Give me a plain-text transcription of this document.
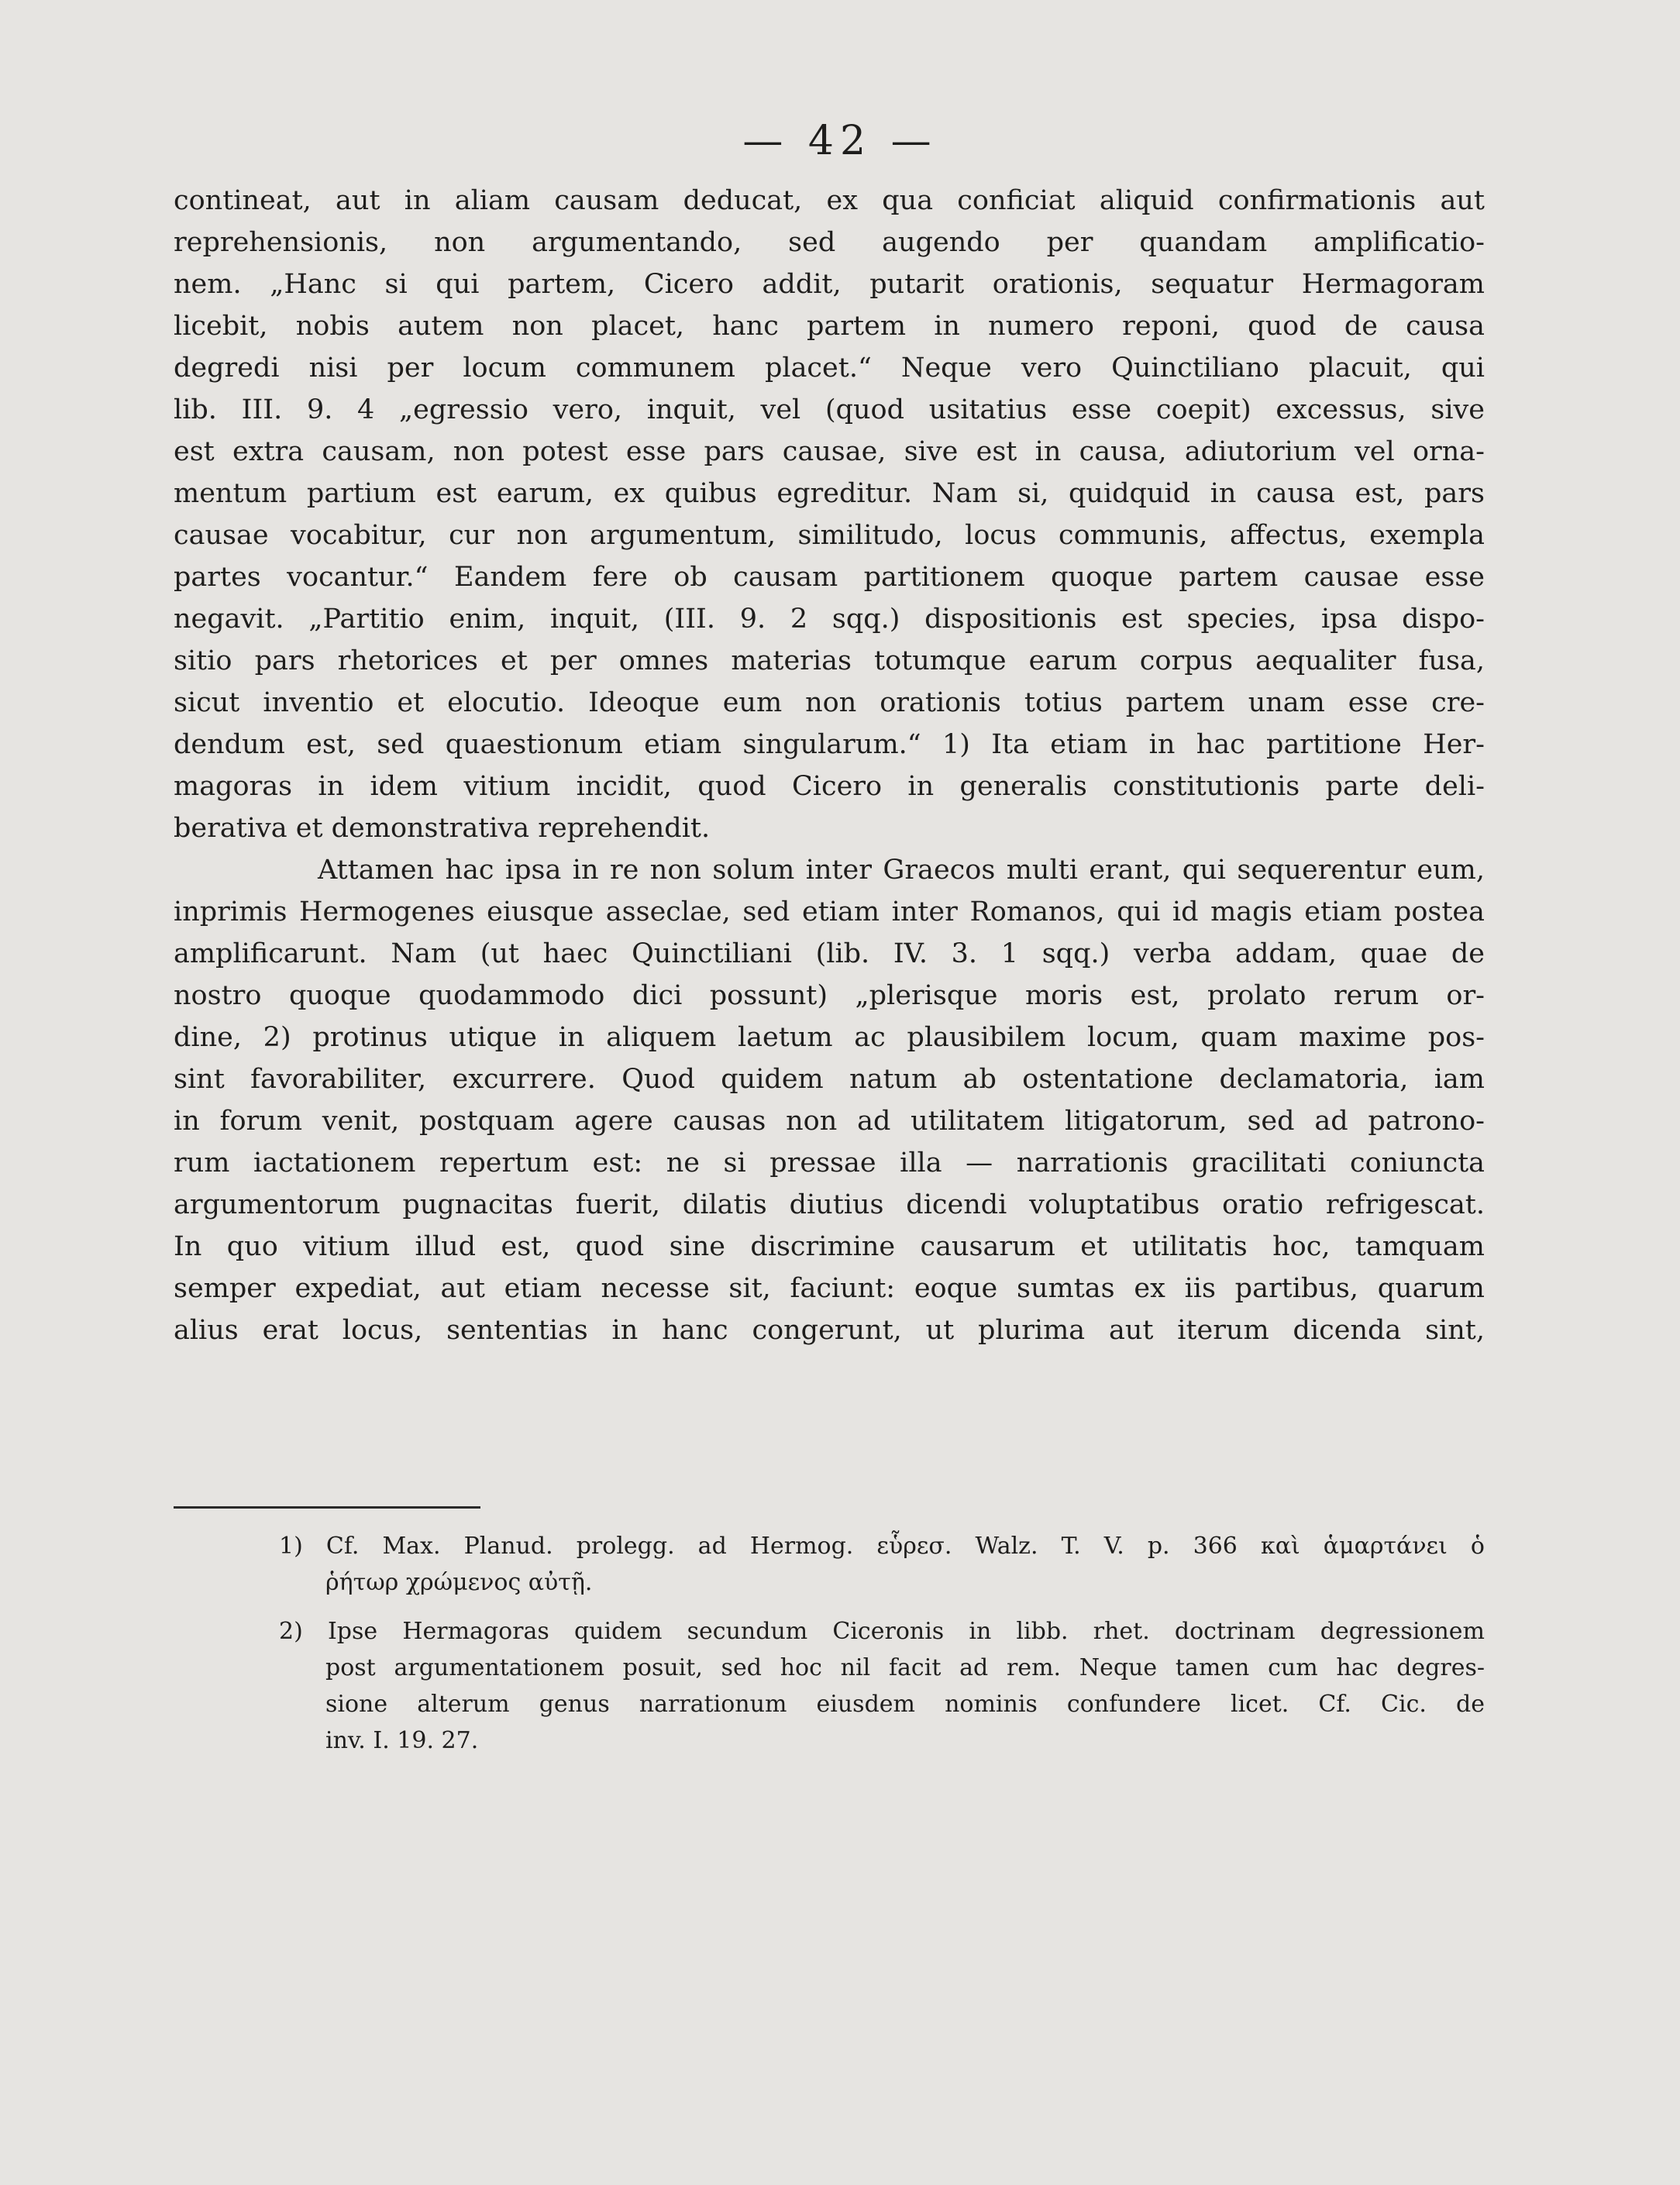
— 42 —
contineat, aut in aliam causam deducat, ex qua conficiat aliquid confirmationis aut
reprehensionis, non argumentando, sed augendo per quandam amplificatio-
nem. „Hanc si qui partem, Cicero addit, putarit orationis, sequatur Hermagoram
licebit, nobis autem non placet, hanc partem in numero reponi, quod de causa
degredi nisi per locum communem placet.“ Neque vero Quinctiliano placuit, qui
lib. III. 9. 4 „egressio vero, inquit, vel (quod usitatius esse coepit) excessus, sive
est extra causam, non potest esse pars causae, sive est in causa, adiutorium vel orna-
mentum partium est earum, ex quibus egreditur. Nam si, quidquid in causa est, pars
causae vocabitur, cur non argumentum, similitudo, locus communis, affectus, exempla
partes vocantur.“ Eandem fere ob causam partitionem quoque partem causae esse
negavit. „Partitio enim, inquit, (III. 9. 2 sqq.) dispositionis est species, ipsa dispo-
sitio pars rhetorices et per omnes materias totumque earum corpus aequaliter fusa,
sicut inventio et elocutio. Ideoque eum non orationis totius partem unam esse cre-
dendum est, sed quaestionum etiam singularum.“ 1) Ita etiam in hac partitione Her-
magoras in idem vitium incidit, quod Cicero in generalis constitutionis parte deli-
berativa et demonstrativa reprehendit.
Attamen hac ipsa in re non solum inter Graecos multi erant, qui sequerentur eum,
inprimis Hermogenes eiusque asseclae, sed etiam inter Romanos, qui id magis etiam postea
amplificarunt. Nam (ut haec Quinctiliani (lib. IV. 3. 1 sqq.) verba addam, quae de
nostro quoque quodammodo dici possunt) „plerisque moris est, prolato rerum or-
dine, 2) protinus utique in aliquem laetum ac plausibilem locum, quam maxime pos-
sint favorabiliter, excurrere. Quod quidem natum ab ostentatione declamatoria, iam
in forum venit, postquam agere causas non ad utilitatem litigatorum, sed ad patrono-
rum iactationem repertum est: ne si pressae illa — narrationis gracilitati coniuncta
argumentorum pugnacitas fuerit, dilatis diutius dicendi voluptatibus oratio refrigescat.
In quo vitium illud est, quod sine discrimine causarum et utilitatis hoc, tamquam
semper expediat, aut etiam necesse sit, faciunt: eoque sumtas ex iis partibus, quarum
alius erat locus, sententias in hanc congerunt, ut plurima aut iterum dicenda sint,
1) Cf. Max. Planud. prolegg. ad Hermog. εὗρεσ. Walz. T. V. p. 366 καὶ ἁμαρτάνει ὁ
ῥήτωρ χρώμενος αὐτῇ.
2) Ipse Hermagoras quidem secundum Ciceronis in libb. rhet. doctrinam degressionem
post argumentationem posuit, sed hoc nil facit ad rem. Neque tamen cum hac degres-
sione alterum genus narrationum eiusdem nominis confundere licet. Cf. Cic. de
inv. I. 19. 27.
